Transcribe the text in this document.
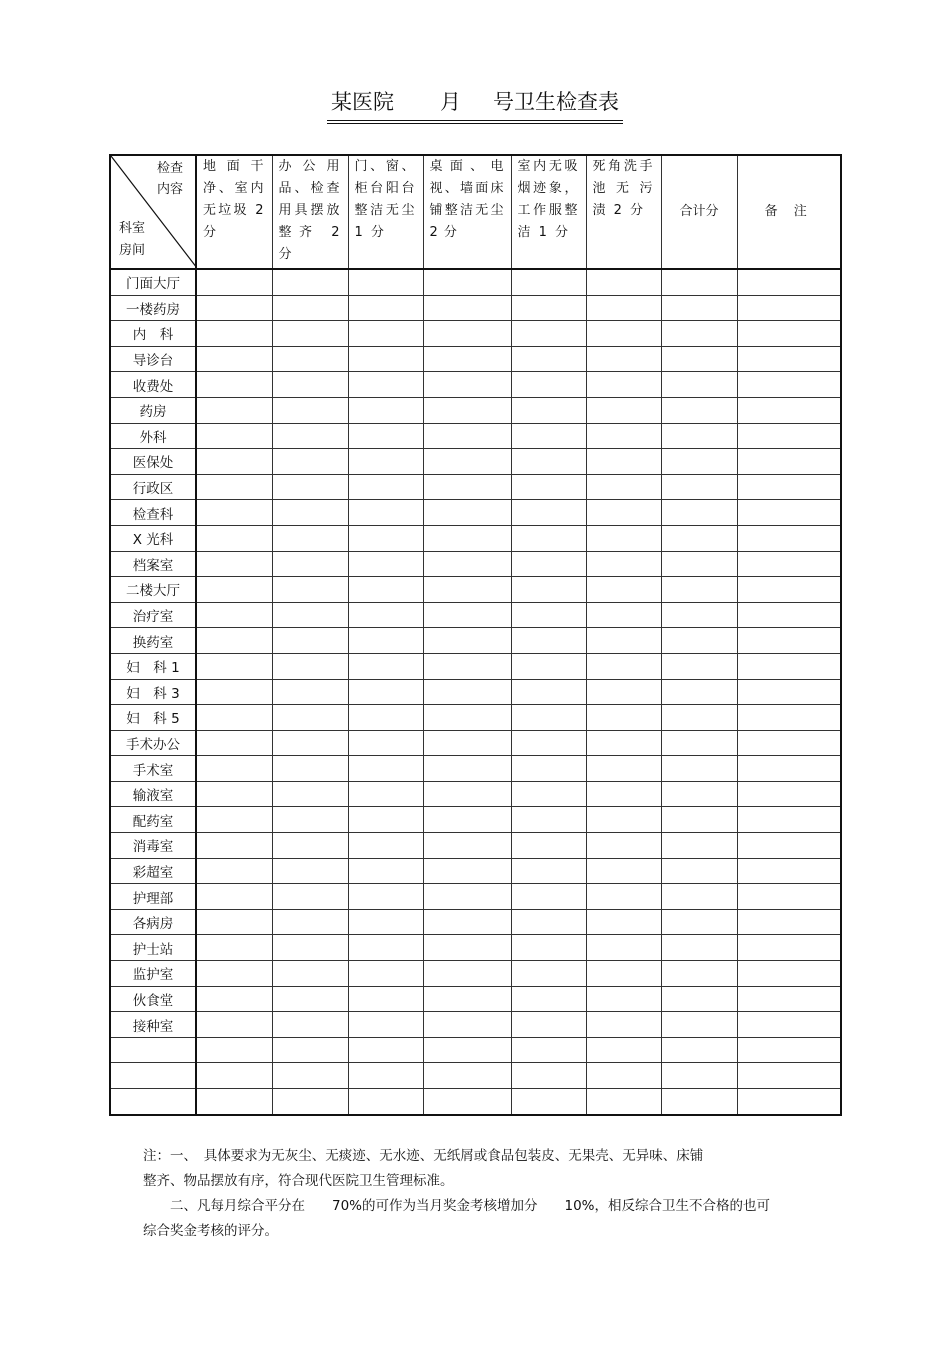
某医院 月 号卫生检查表
检查
内容
科室
房间	地面干净、室内无垃圾 2 分	办公用品、检查用具摆放整齐 2 分	门、窗、柜台阳台整洁无尘 1 分	桌面、电视、墙面床铺整洁无尘 2 分	室内无吸烟迹象，工作服整洁 1 分	死角洗手池无污 渍 2 分	合计分	备 注
门面大厅								
一楼药房								
内　科								
导诊台								
收费处								
药房								
外科								
医保处								
行政区								
检查科								
X 光科								
档案室								
二楼大厅								
治疗室								
换药室								
妇　科 1								
妇　科 3								
妇　科 5								
手术办公								
手术室								
输液室								
配药室								
消毒室								
彩超室								
护理部								
各病房								
护士站								
监护室								
伙食堂								
接种室								

注：一、　具体要求为无灰尘、无痰迹、无水迹、无纸屑或食品包装皮、无果壳、无异味、床铺

整齐、物品摆放有序，符合现代医院卫生管理标准。

　　二、凡每月综合平分在　　70%的可作为当月奖金考核增加分　　10%，相反综合卫生不合格的也可

综合奖金考核的评分。
